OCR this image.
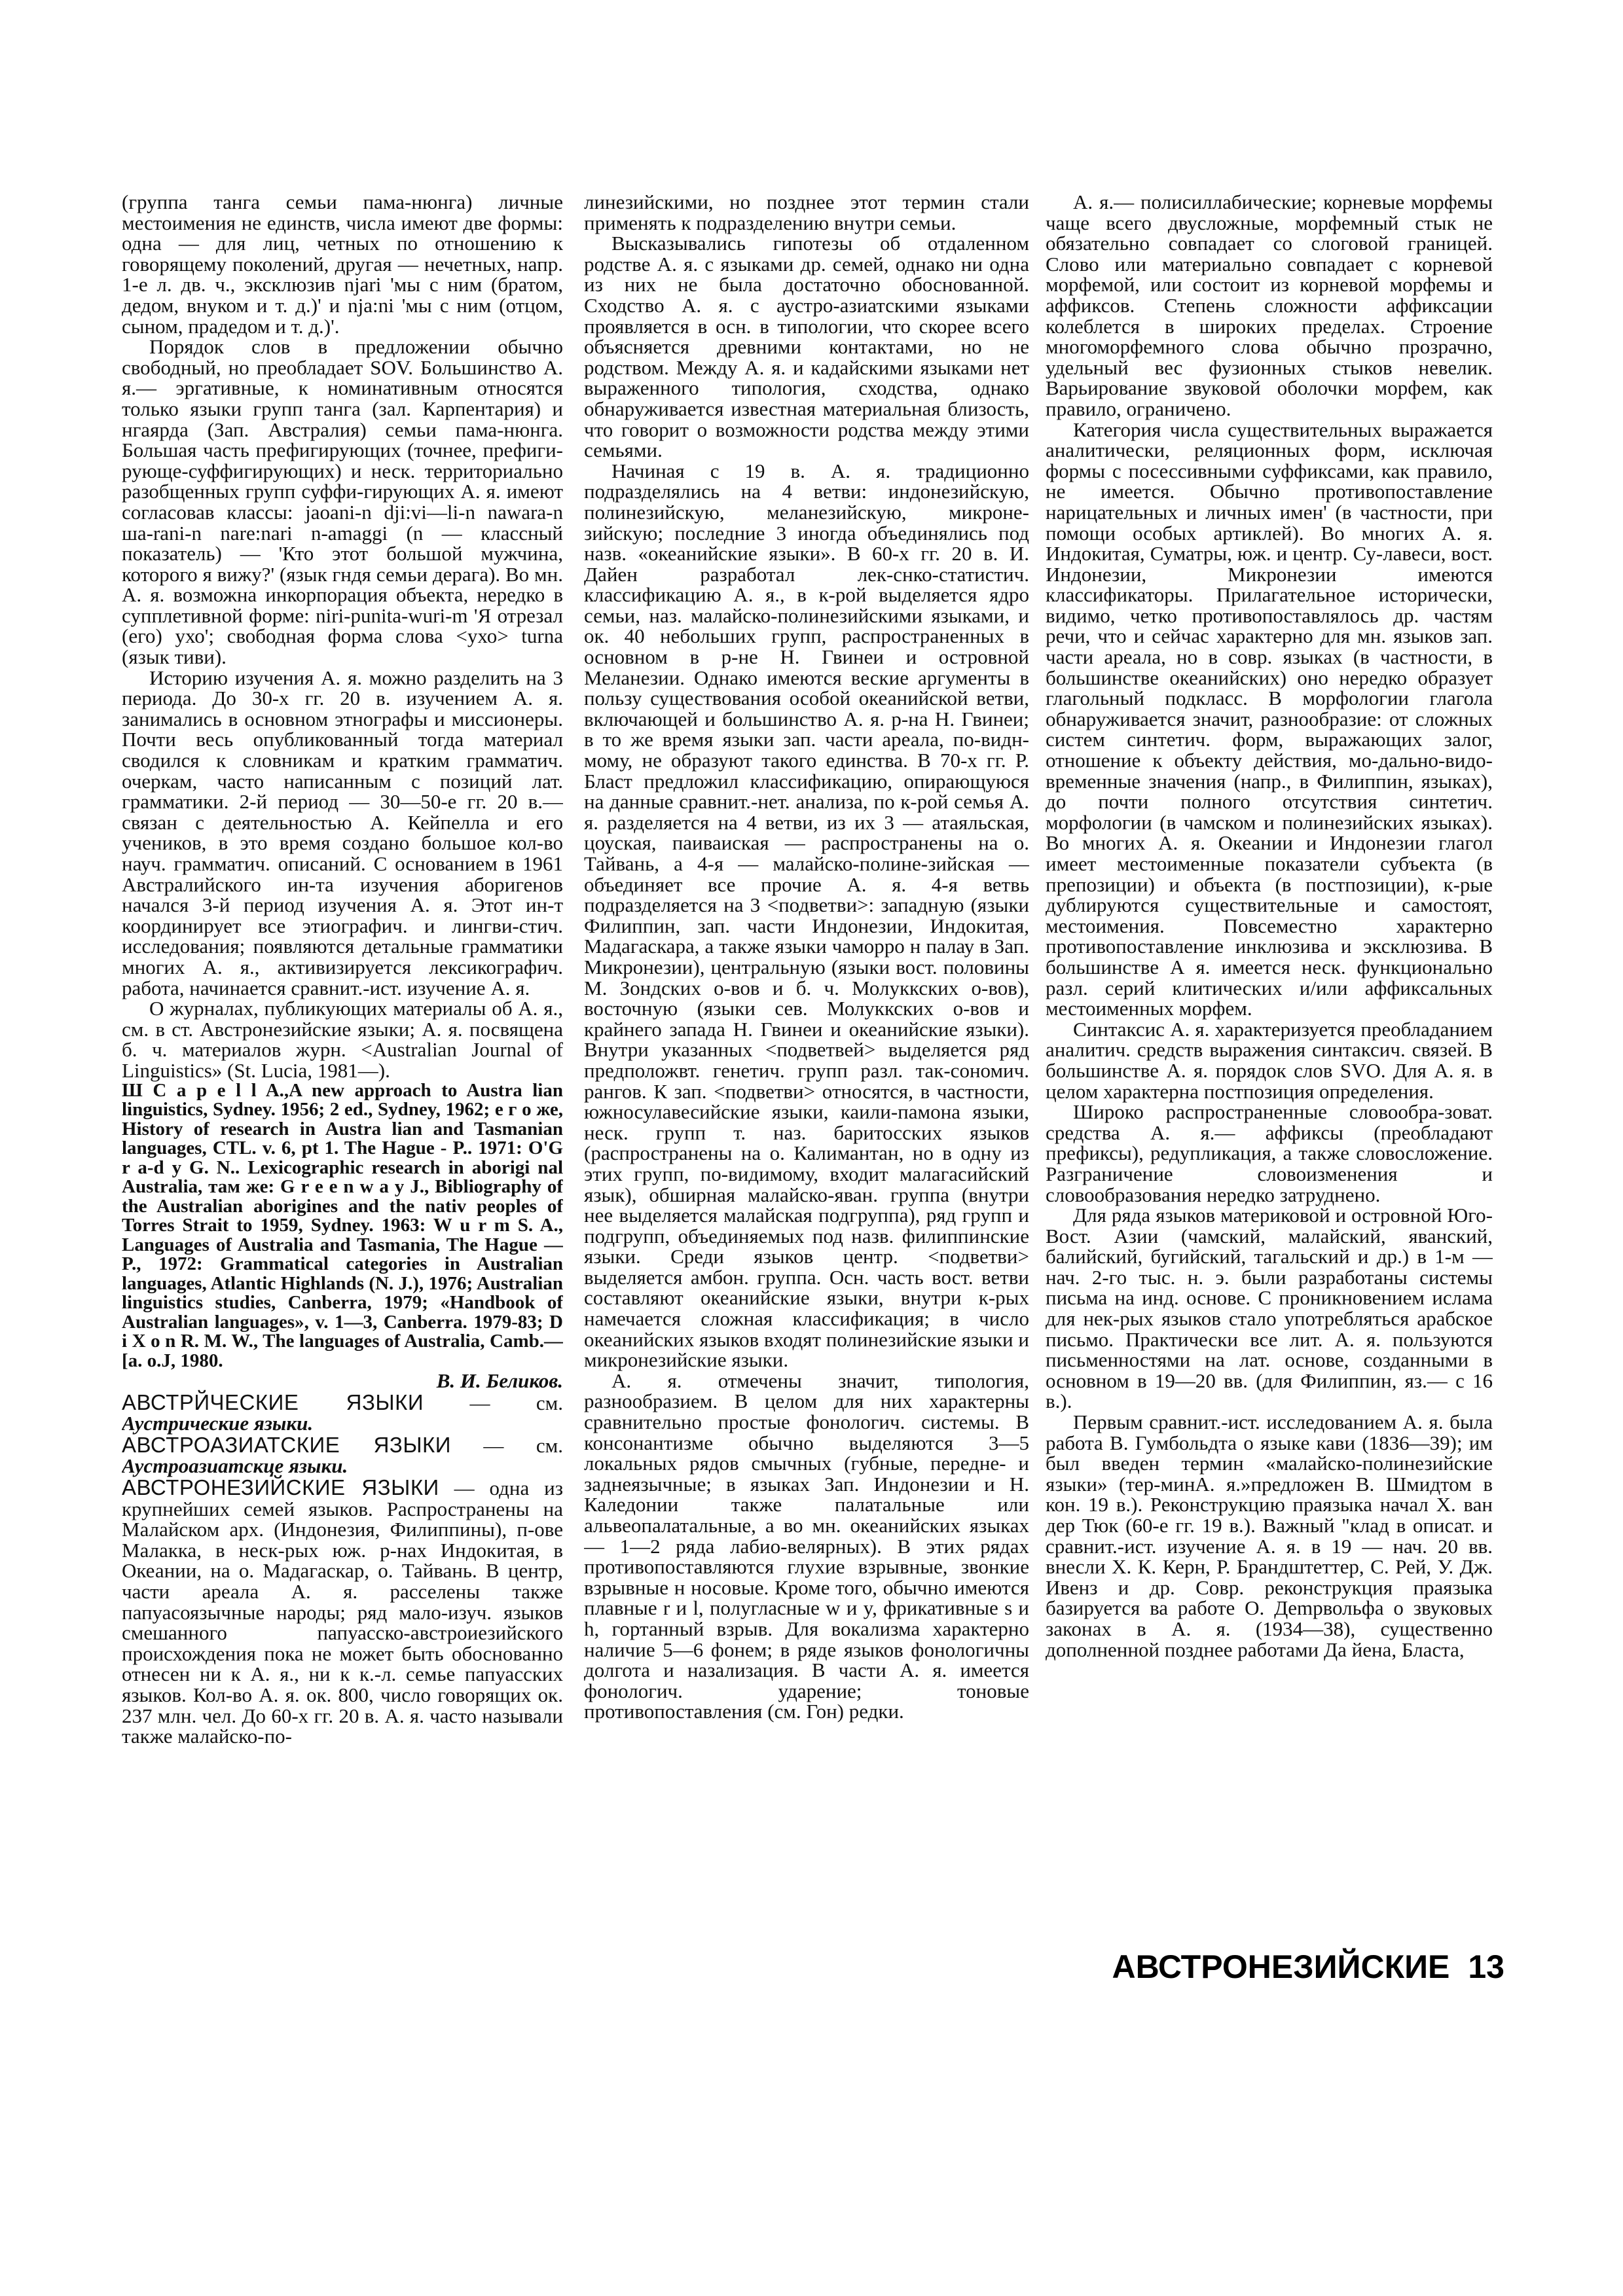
(группа танга семьи пама-нюнга) личные местоимения не единств, числа имеют две формы: одна — для лиц, четных по отношению к говорящему поколений, другая — нечетных, напр. 1-е л. дв. ч., эксклюзив njari 'мы с ним (братом, дедом, внуком и т. д.)' и nja:ni 'мы с ним (отцом, сыном, прадедом и т. д.)'.

Порядок слов в предложении обычно свободный, но преобладает SOV. Большинство А. я.— эргативные, к номинативным относятся только языки групп танга (зал. Карпентария) и нгаярда (Зап. Австралия) семьи пама-нюнга. Большая часть префигирующих (точнее, префиги-рующе-суффигирующих) и неск. территориально разобщенных групп суффи-гирующих А. я. имеют согласовав классы: jaoani-n dji:vi—li-n nawara-n ша-rani-n nare:nari n-amaggi (n — классный показатель) — 'Кто этот большой мужчина, которого я вижу?' (язык гндя семьи дерага). Во мн. А. я. возможна инкорпорация объекта, нередко в супплетивной форме: niri-punita-wuri-m 'Я отрезал (его) ухо'; свободная форма слова <ухо> turna (язык тиви).

Историю изучения А. я. можно разделить на 3 периода. До 30-х гг. 20 в. изучением А. я. занимались в основном этнографы и миссионеры. Почти весь опубликованный тогда материал сводился к словникам и кратким грамматич. очеркам, часто написанным с позиций лат. грамматики. 2-й период — 30—50-е гг. 20 в.— связан с деятельностью А. Кейпелла и его учеников, в это время создано большое кол-во науч. грамматич. описаний. С основанием в 1961 Австралийского ин-та изучения аборигенов начался 3-й период изучения А. я. Этот ин-т координирует все этиографич. и лингви-стич. исследования; появляются детальные грамматики многих А. я., активизируется лексикографич. работа, начинается сравнит.-ист. изучение А. я.

О журналах, публикующих материалы об А. я., см. в ст. Австронезийские языки; А. я. посвящена б. ч. материалов журн. <Australian Journal of Linguistics» (St. Lucia, 1981—).

Ш C a p e l l A.,A new approach to Austra lian linguistics, Sydney. 1956; 2 ed., Sydney, 1962; е г о же, History of research in Austra lian and Tasmanian languages, CTL. v. 6, pt 1. The Hague - P.. 1971: O'G r a-d y G. N.. Lexicographic research in aborigi nal Australia, там же: G r e e n w a y J., Bibliography of the Australian aborigines and the nativ peoples of Torres Strait to 1959, Sydney. 1963: W u r m S. A., Languages of Australia and Tasmania, The Hague — P., 1972: Grammatical categories in Australian languages, Atlantic Highlands (N. J.), 1976; Australian linguistics studies, Canberra, 1979; «Handbook of Australian languages», v. 1—3, Canberra. 1979-83; D i X o n R. M. W., The languages of Australia, Camb.— [a. o.J, 1980.

В. И. Беликов.

АВСТРЙЧЕСКИЕ ЯЗЫКИ — см. Аустрические языки.

АВСТРОАЗИАТСКИЕ ЯЗЫКИ — см. Аустроазиатскце языки.

АВСТРОНЕЗИЙСКИЕ ЯЗЫКИ — одна из крупнейших семей языков. Распространены на Малайском арх. (Индонезия, Филиппины), п-ове Малакка, в неск-рых юж. р-нах Индокитая, в Океании, на о. Мадагаскар, о. Тайвань. В центр, части ареала А. я. расселены также папуасоязычные народы; ряд мало-изуч. языков смешанного папуасско-австроиезийского происхождения пока не может быть обоснованно отнесен ни к А. я., ни к к.-л. семье папуасских языков. Кол-во А. я. ок. 800, число говорящих ок. 237 млн. чел. До 60-х гг. 20 в. А. я. часто называли также малайско-по-

линезийскими, но позднее этот термин стали применять к подразделению внутри семьи.

Высказывались гипотезы об отдаленном родстве А. я. с языками др. семей, однако ни одна из них не была достаточно обоснованной. Сходство А. я. с аустро-азиатскими языками проявляется в осн. в типологии, что скорее всего объясняется древними контактами, но не родством. Между А. я. и кадайскими языками нет выраженного типология, сходства, однако обнаруживается известная материальная близость, что говорит о возможности родства между этими семьями.

Начиная с 19 в. А. я. традиционно подразделялись на 4 ветви: индонезийскую, полинезийскую, меланезийскую, микроне-зийскую; последние 3 иногда объединялись под назв. «океанийские языки». В 60-х гг. 20 в. И. Дайен разработал лек-снко-статистич. классификацию А. я., в к-рой выделяется ядро семьи, наз. малайско-полинезийскими языками, и ок. 40 небольших групп, распространенных в основном в р-не Н. Гвинеи и островной Меланезии. Однако имеются веские аргументы в пользу существования особой океанийской ветви, включающей и большинство А. я. р-на Н. Гвинеи; в то же время языки зап. части ареала, по-видн-мому, не образуют такого единства. В 70-х гг. Р. Бласт предложил классификацию, опирающуюся на данные сравнит.-нет. анализа, по к-рой семья А. я. разделяется на 4 ветви, из их 3 — атаяльская, цоуская, паиваиская — распространены на о. Тайвань, а 4-я — малайско-полине-зийская — объединяет все прочие А. я. 4-я ветвь подразделяется на 3 <подветви>: западную (языки Филиппин, зап. части Индонезии, Индокитая, Мадагаскара, а также языки чаморро н палау в Зап. Микронезии), центральную (языки вост. половины М. Зондских о-вов и б. ч. Молуккских о-вов), восточную (языки сев. Молуккских о-вов и крайнего запада Н. Гвинеи и океанийские языки). Внутри указанных <подветвей> выделяется ряд предположвт. генетич. групп разл. так-сономич. рангов. К зап. <подветви> относятся, в частности, южносулавесийские языки, каили-памона языки, неск. групп т. наз. баритосских языков (распространены на о. Калимантан, но в одну из этих групп, по-видимому, входит малагасийский язык), обширная малайско-яван. группа (внутри нее выделяется малайская подгруппа), ряд групп и подгрупп, объединяемых под назв. филиппинские языки. Среди языков центр. <подветви> выделяется амбон. группа. Осн. часть вост. ветви составляют океанийские языки, внутри к-рых намечается сложная классификация; в число океанийских языков входят полинезийские языки и микронезийские языки.

А. я. отмечены значит, типология, разнообразием. В целом для них характерны сравнительно простые фонологич. системы. В консонантизме обычно выделяются 3—5 локальных рядов смычных (губные, передне- и заднеязычные; в языках Зап. Индонезии и Н. Каледонии также палатальные или альвеопалатальные, а во мн. океанийских языках — 1—2 ряда лабио-велярных). В этих рядах противопоставляются глухие взрывные, звонкие взрывные н носовые. Кроме того, обычно имеются плавные r и l, полугласные w и y, фрикативные s и h, гортанный взрыв. Для вокализма характерно наличие 5—6 фонем; в ряде языков фонологичны долгота и назализация. В части А. я. имеется фонологич. ударение; тоновые противопоставления (см. Гон) редки.

А. я.— полисиллабические; корневые морфемы чаще всего двусложные, морфемный стык не обязательно совпадает со слоговой границей. Слово или материально совпадает с корневой морфемой, или состоит из корневой морфемы и аффиксов. Степень сложности аффиксации колеблется в широких пределах. Строение многоморфемного слова обычно прозрачно, удельный вес фузионных стыков невелик. Варьирование звуковой оболочки морфем, как правило, ограничено.

Категория числа существительных выражается аналитически, реляционных форм, исключая формы с посессивными суффиксами, как правило, не имеется. Обычно противопоставление нарицательных и личных имен' (в частности, при помощи особых артиклей). Во многих А. я. Индокитая, Суматры, юж. и центр. Су-лавеси, вост. Индонезии, Микронезии имеются классификаторы. Прилагательное исторически, видимо, четко противопоставлялось др. частям речи, что и сейчас характерно для мн. языков зап. части ареала, но в совр. языках (в частности, в большинстве океанийских) оно нередко образует глагольный подкласс. В морфологии глагола обнаруживается значит, разнообразие: от сложных систем синтетич. форм, выражающих залог, отношение к объекту действия, мо-дально-видо-временные значения (напр., в Филиппин, языках), до почти полного отсутствия синтетич. морфологии (в чамском и полинезийских языках). Во многих А. я. Океании и Индонезии глагол имеет местоименные показатели субъекта (в препозиции) и объекта (в постпозиции), к-рые дублируются существительные и самостоят, местоимения. Повсеместно характерно противопоставление инклюзива и эксклюзива. В большинстве А я. имеется неск. функционально разл. серий клитических и/или аффиксальных местоименных морфем.

Синтаксис А. я. характеризуется преобладанием аналитич. средств выражения синтаксич. связей. В большинстве А. я. порядок слов SVO. Для А. я. в целом характерна постпозиция определения.

Широко распространенные словообра-зоват. средства А. я.— аффиксы (преобладают префиксы), редупликация, а также словосложение. Разграничение словоизменения и словообразования нередко затруднено.

Для ряда языков материковой и островной Юго-Вост. Азии (чамский, малайский, яванский, балийский, бугийский, тагальский и др.) в 1-м — нач. 2-го тыс. н. э. были разработаны системы письма на инд. основе. С проникновением ислама для нек-рых языков стало употребляться арабское письмо. Практически все лит. А. я. пользуются письменностями на лат. основе, созданными в основном в 19—20 вв. (для Филиппин, яз.— с 16 в.).

Первым сравнит.-ист. исследованием А. я. была работа В. Гумбольдта о языке кави (1836—39); им был введен термин «малайско-полинезийские языки» (тер-минА. я.»предложен В. Шмидтом в кон. 19 в.). Реконструкцию праязыка начал X. ван дер Тюк (60-е гг. 19 в.). Важный "клад в описат. и сравнит.-ист. изучение А. я. в 19 — нач. 20 вв. внесли Х. К. Керн, Р. Брандштеттер, С. Рей, У. Дж. Ивенз и др. Совр. реконструкция праязыка базируется ва работе О. Дempвольфа о звуковых законах в А. я. (1934—38), существенно дополненной позднее работами Да йена, Бласта,

АВСТРОНЕЗИЙСКИЕ 13
